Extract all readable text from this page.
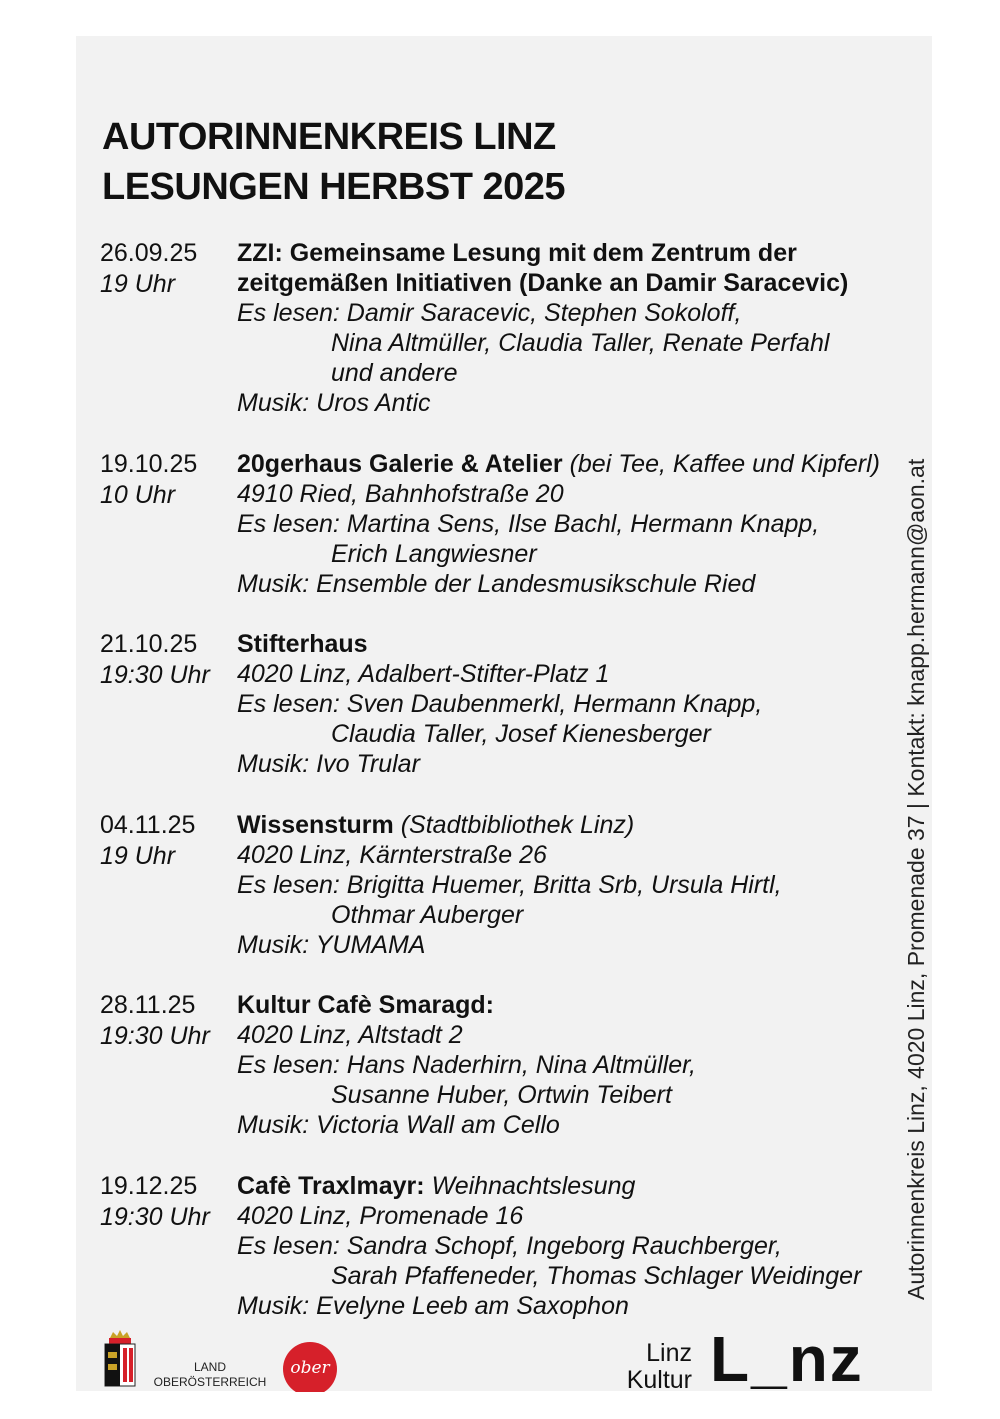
AUTORINNENKREIS LINZ
LESUNGEN HERBST 2025
26.09.25
19 Uhr
ZZI: Gemeinsame Lesung mit dem Zentrum der
zeitgemäßen Initiativen (Danke an Damir Saracevic)
Es lesen: Damir Saracevic, Stephen Sokoloff,
Nina Altmüller, Claudia Taller, Renate Perfahl
und andere
Musik: Uros Antic
19.10.25
10 Uhr
20gerhaus Galerie & Atelier (bei Tee, Kaffee und Kipferl)
4910 Ried, Bahnhofstraße 20
Es lesen: Martina Sens, Ilse Bachl, Hermann Knapp,
Erich Langwiesner
Musik: Ensemble der Landesmusikschule Ried
21.10.25
19:30 Uhr
Stifterhaus
4020 Linz, Adalbert-Stifter-Platz 1
Es lesen: Sven Daubenmerkl, Hermann Knapp,
Claudia Taller, Josef Kienesberger
Musik: Ivo Trular
04.11.25
19 Uhr
Wissensturm (Stadtbibliothek Linz)
4020 Linz, Kärnterstraße 26
Es lesen: Brigitta Huemer, Britta Srb, Ursula Hirtl,
Othmar Auberger
Musik: YUMAMA
28.11.25
19:30 Uhr
Kultur Cafè Smaragd:
4020 Linz, Altstadt 2
Es lesen: Hans Naderhirn, Nina Altmüller,
Susanne Huber, Ortwin Teibert
Musik: Victoria Wall am Cello
19.12.25
19:30 Uhr
Cafè Traxlmayr: Weihnachtslesung
4020 Linz, Promenade 16
Es lesen: Sandra Schopf, Ingeborg Rauchberger,
Sarah Pfaffeneder, Thomas Schlager Weidinger
Musik: Evelyne Leeb am Saxophon
Autorinnenkreis Linz, 4020 Linz, Promenade 37 | Kontakt: knapp.hermann@aon.at
LAND
OBERÖSTERREICH
ober
Linz
Kultur L_nz
